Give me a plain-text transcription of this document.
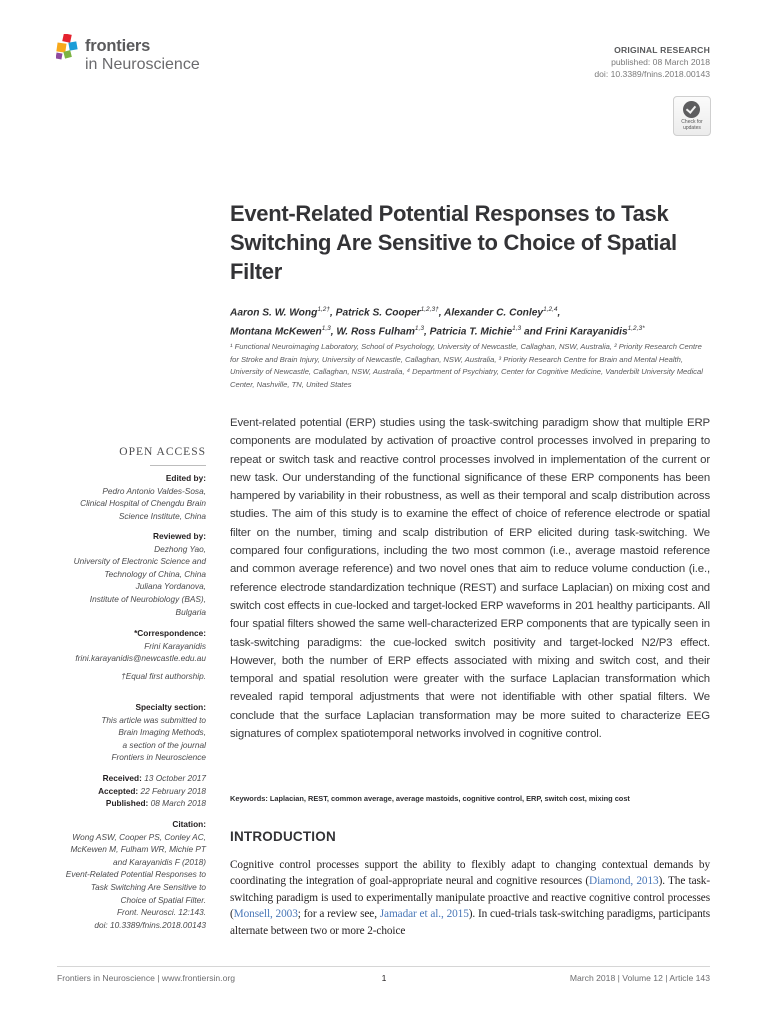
frontiers
in Neuroscience
ORIGINAL RESEARCH
published: 08 March 2018
doi: 10.3389/fnins.2018.00143
Check for
updates
Event-Related Potential Responses to Task Switching Are Sensitive to Choice of Spatial Filter
Aaron S. W. Wong$^{1,2\dagger}$, Patrick S. Cooper$^{1,2,3\dagger}$, Alexander C. Conley$^{1,2,4}$,
Montana McKewen$^{1,3}$, W. Ross Fulham$^{1,3}$, Patricia T. Michie$^{1,3}$ and Frini Karayanidis$^{1,2,3*}$
¹ Functional Neuroimaging Laboratory, School of Psychology, University of Newcastle, Callaghan, NSW, Australia, ² Priority Research Centre for Stroke and Brain Injury, University of Newcastle, Callaghan, NSW, Australia, ³ Priority Research Centre for Brain and Mental Health, University of Newcastle, Callaghan, NSW, Australia, ⁴ Department of Psychiatry, Center for Cognitive Medicine, Vanderbilt University Medical Center, Nashville, TN, United States
Event-related potential (ERP) studies using the task-switching paradigm show that multiple ERP components are modulated by activation of proactive control processes involved in preparing to repeat or switch task and reactive control processes involved in implementation of the current or new task. Our understanding of the functional significance of these ERP components has been hampered by variability in their robustness, as well as their temporal and scalp distribution across studies. The aim of this study is to examine the effect of choice of reference electrode or spatial filter on the number, timing and scalp distribution of ERP elicited during task-switching. We compared four configurations, including the two most common (i.e., average mastoid reference and common average reference) and two novel ones that aim to reduce volume conduction (i.e., reference electrode standardization technique (REST) and surface Laplacian) on mixing cost and switch cost effects in cue-locked and target-locked ERP waveforms in 201 healthy participants. All four spatial filters showed the same well-characterized ERP components that are typically seen in task-switching paradigms: the cue-locked switch positivity and target-locked N2/P3 effect. However, both the number of ERP effects associated with mixing and switch cost, and their temporal and spatial resolution were greater with the surface Laplacian transformation which revealed rapid temporal adjustments that were not identifiable with other spatial filters. We conclude that the surface Laplacian transformation may be more suited to characterize EEG signatures of complex spatiotemporal networks involved in cognitive control.
Keywords: Laplacian, REST, common average, average mastoids, cognitive control, ERP, switch cost, mixing cost
INTRODUCTION
Cognitive control processes support the ability to flexibly adapt to changing contextual demands by coordinating the integration of goal-appropriate neural and cognitive resources (Diamond, 2013). The task-switching paradigm is used to experimentally manipulate proactive and reactive cognitive control processes (Monsell, 2003; for a review see, Jamadar et al., 2015). In cued-trials task-switching paradigms, participants alternate between two or more 2-choice
OPEN ACCESS
Edited by:
Pedro Antonio Valdes-Sosa,
Clinical Hospital of Chengdu Brain
Science Institute, China
Reviewed by:
Dezhong Yao,
University of Electronic Science and
Technology of China, China
Juliana Yordanova,
Institute of Neurobiology (BAS),
Bulgaria
*Correspondence:
Frini Karayanidis
frini.karayanidis@newcastle.edu.au
†Equal first authorship.
Specialty section:
This article was submitted to
Brain Imaging Methods,
a section of the journal
Frontiers in Neuroscience
Received: 13 October 2017
Accepted: 22 February 2018
Published: 08 March 2018
Citation:
Wong ASW, Cooper PS, Conley AC,
McKewen M, Fulham WR, Michie PT
and Karayanidis F (2018)
Event-Related Potential Responses to
Task Switching Are Sensitive to
Choice of Spatial Filter.
Front. Neurosci. 12:143.
doi: 10.3389/fnins.2018.00143
Frontiers in Neuroscience | www.frontiersin.org	1	March 2018 | Volume 12 | Article 143
